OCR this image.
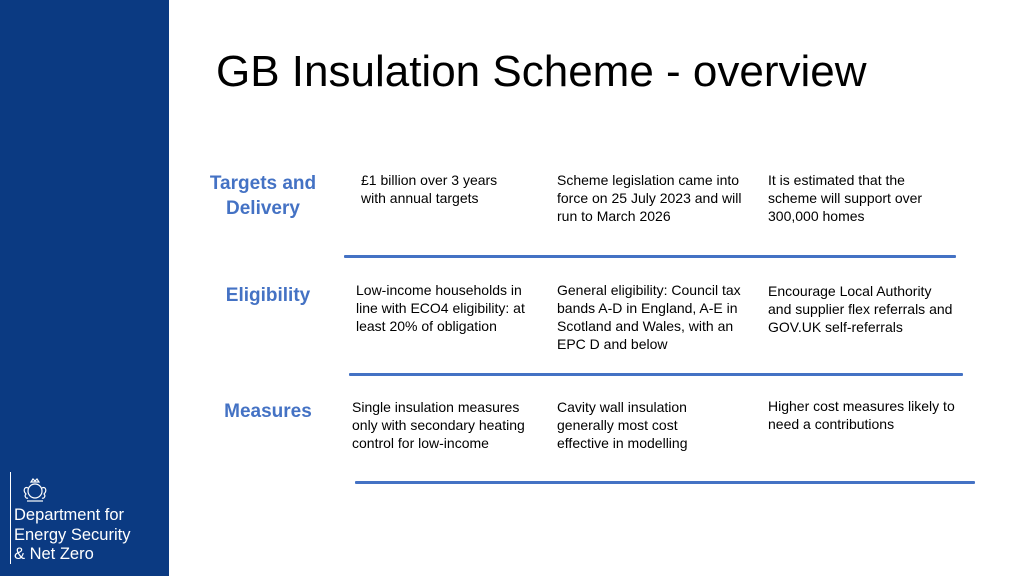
Department for
Energy Security
& Net Zero
GB Insulation Scheme - overview
Targets and Delivery
£1 billion over 3 years with annual targets
Scheme legislation came into force on 25 July 2023 and will run to March 2026
It is estimated that the scheme will support over 300,000 homes
Eligibility	Low-income households in line with ECO4 eligibility: at least 20% of obligation
General eligibility: Council tax bands A-D in England, A-E in Scotland and Wales, with an EPC D and below
Encourage Local Authority and supplier flex referrals and GOV.UK self-referrals
Measures	Single insulation measures only with secondary heating control for low-income
Cavity wall insulation generally most cost effective in modelling
Higher cost measures likely to need a contributions
